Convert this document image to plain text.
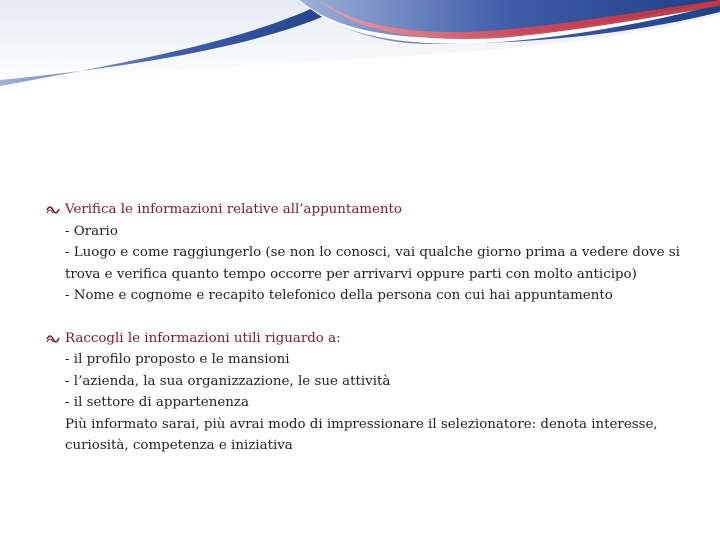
Verifica le informazioni relative all’appuntamento
- Orario
- Luogo e come raggiungerlo (se non lo conosci, vai qualche giorno prima a vedere dove si trova e verifica quanto tempo occorre per arrivarvi oppure parti con molto anticipo)
- Nome e cognome e recapito telefonico della persona con cui hai appuntamento
Raccogli le informazioni utili riguardo a:
- il profilo proposto e le mansioni
- l’azienda, la sua organizzazione, le sue attività
- il settore di appartenenza
Più informato sarai, più avrai modo di impressionare il selezionatore: denota interesse, curiosità, competenza e iniziativa
